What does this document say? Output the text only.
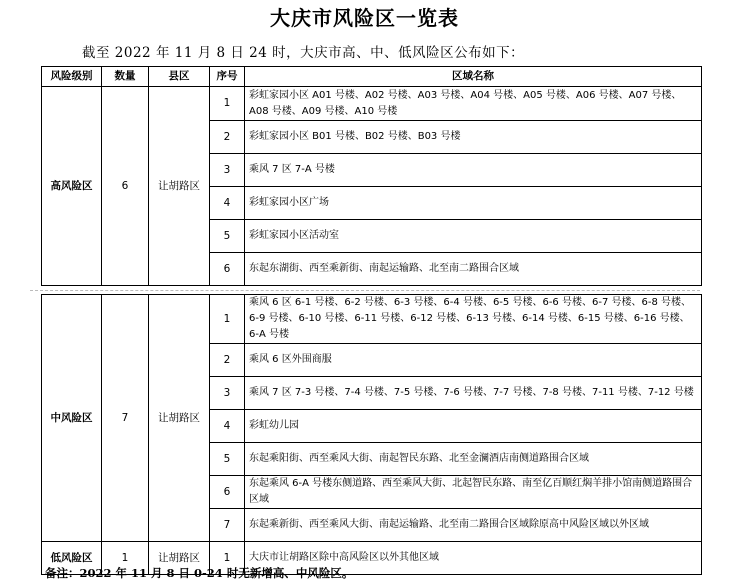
大庆市风险区一览表
截至 2022 年 11 月 8 日 24 时，大庆市高、中、低风险区公布如下：
风险级别	数量	县区	序号	区域名称
高风险区	6	让胡路区	1	彩虹家园小区 A01 号楼、A02 号楼、A03 号楼、A04 号楼、A05 号楼、A06 号楼、A07 号楼、A08 号楼、A09 号楼、A10 号楼
			2	彩虹家园小区 B01 号楼、B02 号楼、B03 号楼
			3	乘风 7 区 7-A 号楼
			4	彩虹家园小区广场
			5	彩虹家园小区活动室
			6	东起东湖街、西至乘新街、南起运输路、北至南二路围合区域
中风险区	7	让胡路区	1	乘风 6 区 6-1 号楼、6-2 号楼、6-3 号楼、6-4 号楼、6-5 号楼、6-6 号楼、6-7 号楼、6-8 号楼、6-9 号楼、6-10 号楼、6-11 号楼、6-12 号楼、6-13 号楼、6-14 号楼、6-15 号楼、6-16 号楼、6-A 号楼
			2	乘风 6 区外围商服
			3	乘风 7 区 7-3 号楼、7-4 号楼、7-5 号楼、7-6 号楼、7-7 号楼、7-8 号楼、7-11 号楼、7-12 号楼
			4	彩虹幼儿园
			5	东起乘阳街、西至乘风大街、南起智民东路、北至金澜酒店南侧道路围合区域
			6	东起乘风 6-A 号楼东侧道路、西至乘风大街、北起智民东路、南至亿百顺红焖羊排小馆南侧道路围合区域
			7	东起乘新街、西至乘风大街、南起运输路、北至南二路围合区域除原高中风险区域以外区域
低风险区	1	让胡路区	1	大庆市让胡路区除中高风险区以外其他区域
备注：2022 年 11 月 8 日 0-24 时无新增高、中风险区。
